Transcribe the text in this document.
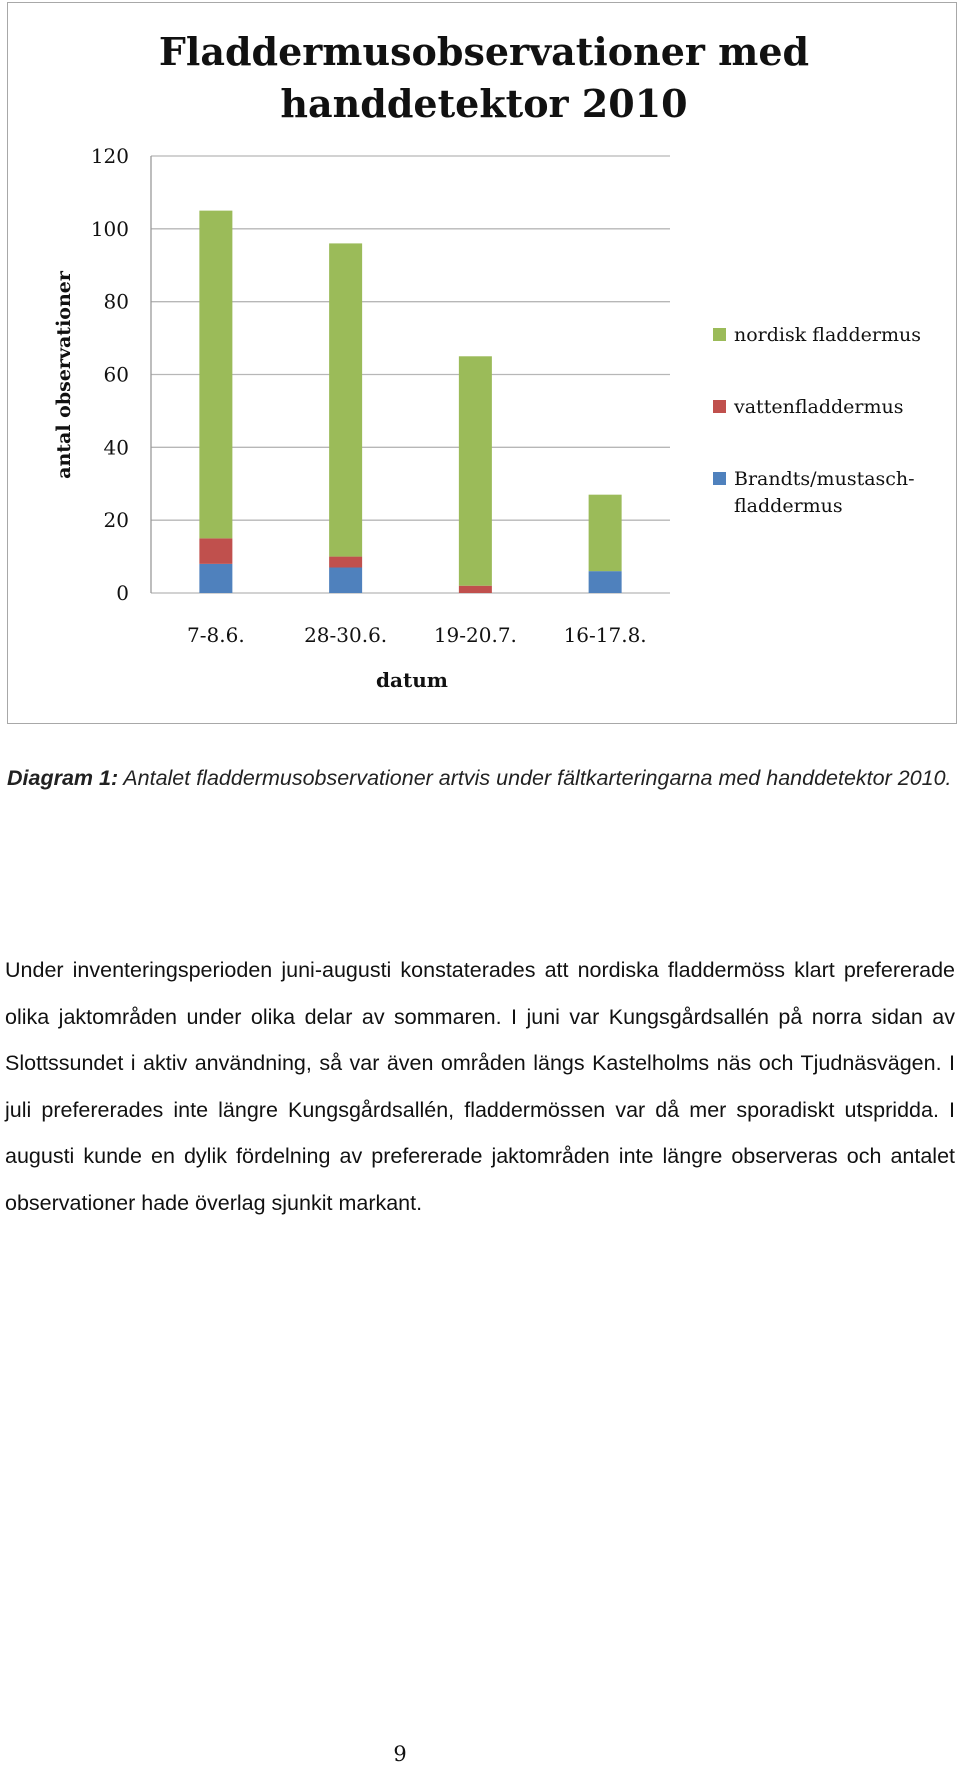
Fladdermusobservationer med
handdetektor 2010
0
20
40
60
80
100
120
antal observationer
7-8.6.	28-30.6. 19-20.7. 16-17.8.
datum
nordisk fladdermus
vattenfladdermus
Brandts/mustasch-
fladdermus
Diagram 1: Antalet fladdermusobservationer artvis under fältkarteringarna med handdetektor 2010.
Under inventeringsperioden juni-augusti konstaterades att nordiska fladdermöss klart prefererade olika jaktområden under olika delar av sommaren. I juni var Kungsgårdsallén på norra sidan av Slottssundet i aktiv användning, så var även områden längs Kastelholms näs och Tjudnäsvägen. I juli prefererades inte längre Kungsgårdsallén, fladdermössen var då mer sporadiskt utspridda. I augusti kunde en dylik fördelning av prefererade jaktområden inte längre observeras och antalet observationer hade överlag sjunkit markant.
9
